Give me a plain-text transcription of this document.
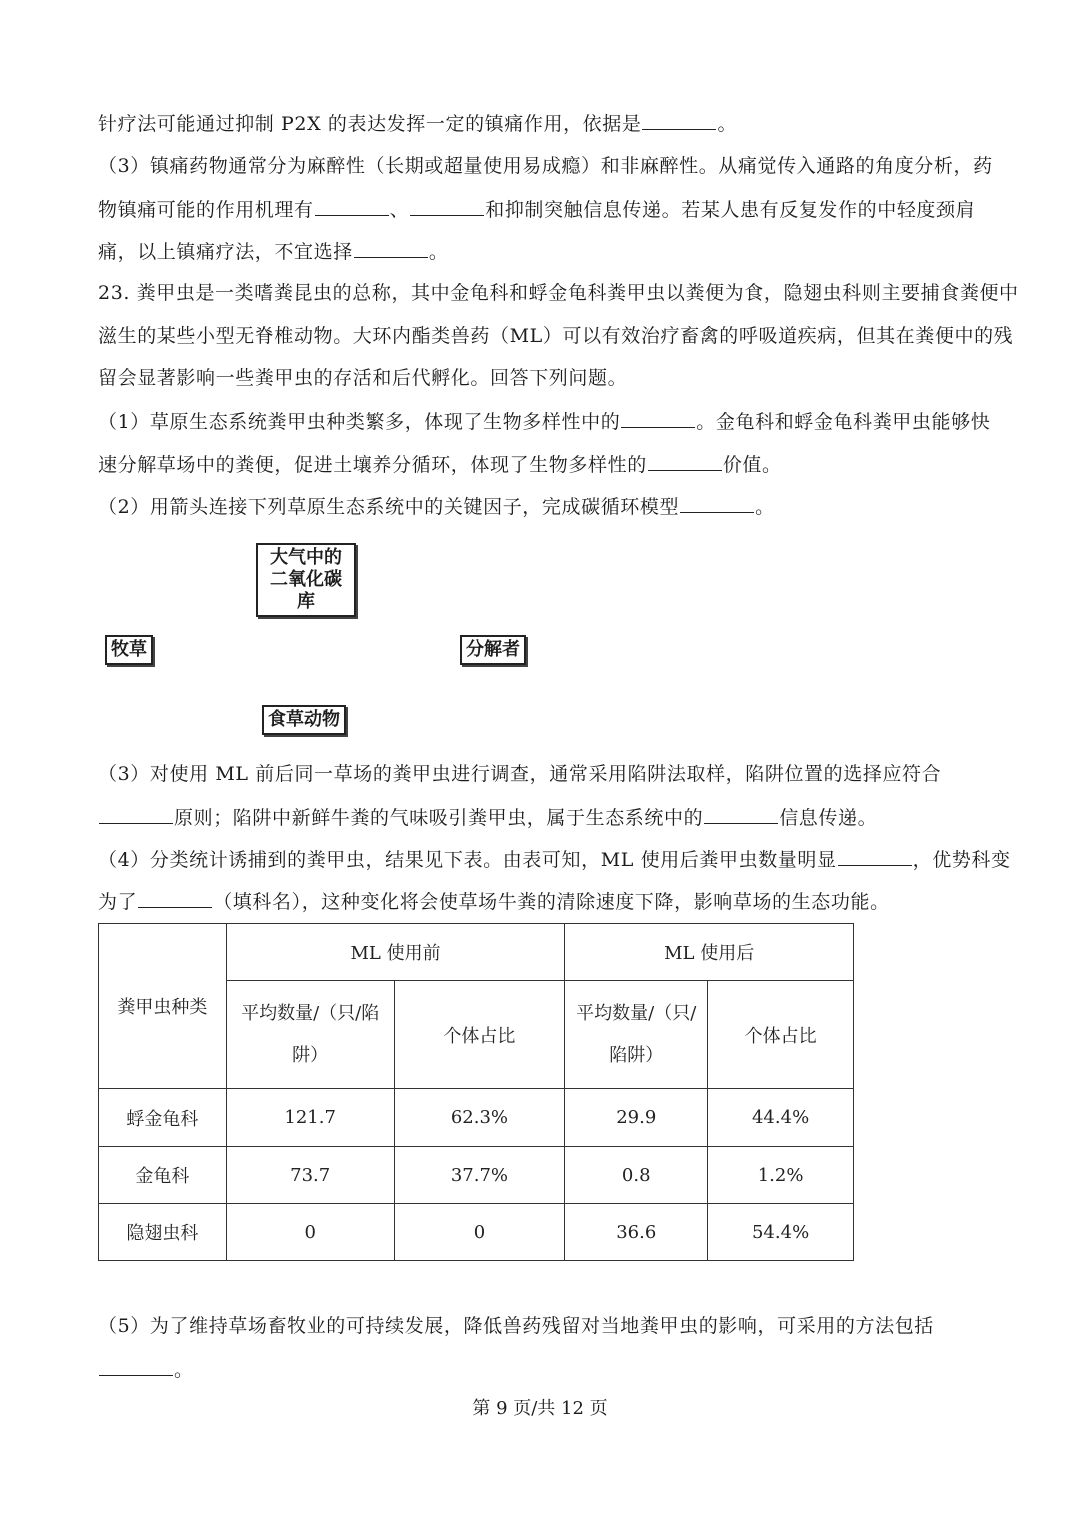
针疗法可能通过抑制 P2X 的表达发挥一定的镇痛作用，依据是	。
（3）镇痛药物通常分为麻醉性（长期或超量使用易成瘾）和非麻醉性。从痛觉传入通路的角度分析，药
物镇痛可能的作用机理有	、	和抑制突触信息传递。若某人患有反复发作的中轻度颈肩
痛，以上镇痛疗法，不宜选择	。
23. 粪甲虫是一类嗜粪昆虫的总称，其中金龟科和蜉金龟科粪甲虫以粪便为食，隐翅虫科则主要捕食粪便中
滋生的某些小型无脊椎动物。大环内酯类兽药（ML）可以有效治疗畜禽的呼吸道疾病，但其在粪便中的残
留会显著影响一些粪甲虫的存活和后代孵化。回答下列问题。
（1）草原生态系统粪甲虫种类繁多，体现了生物多样性中的	。金龟科和蜉金龟科粪甲虫能够快
速分解草场中的粪便，促进土壤养分循环，体现了生物多样性的	价值。
（2）用箭头连接下列草原生态系统中的关键因子，完成碳循环模型	。
大气中的
二氧化碳库
牧草	分解者
食草动物
（3）对使用 ML 前后同一草场的粪甲虫进行调查，通常采用陷阱法取样，陷阱位置的选择应符合
原则；陷阱中新鲜牛粪的气味吸引粪甲虫，属于生态系统中的	信息传递。
（4）分类统计诱捕到的粪甲虫，结果见下表。由表可知，ML 使用后粪甲虫数量明显	，优势科变
为了	（填科名），这种变化将会使草场牛粪的清除速度下降，影响草场的生态功能。
粪甲虫种类	ML 使用前		ML 使用后	
	平均数量/（只/陷阱）	个体占比	平均数量/（只/陷阱）	个体占比
蜉金龟科	121.7	62.3%	29.9	44.4%
金龟科	73.7	37.7%	0.8	1.2%
隐翅虫科	0	0	36.6	54.4%
（5）为了维持草场畜牧业的可持续发展，降低兽药残留对当地粪甲虫的影响，可采用的方法包括
。
第 9 页/共 12 页
